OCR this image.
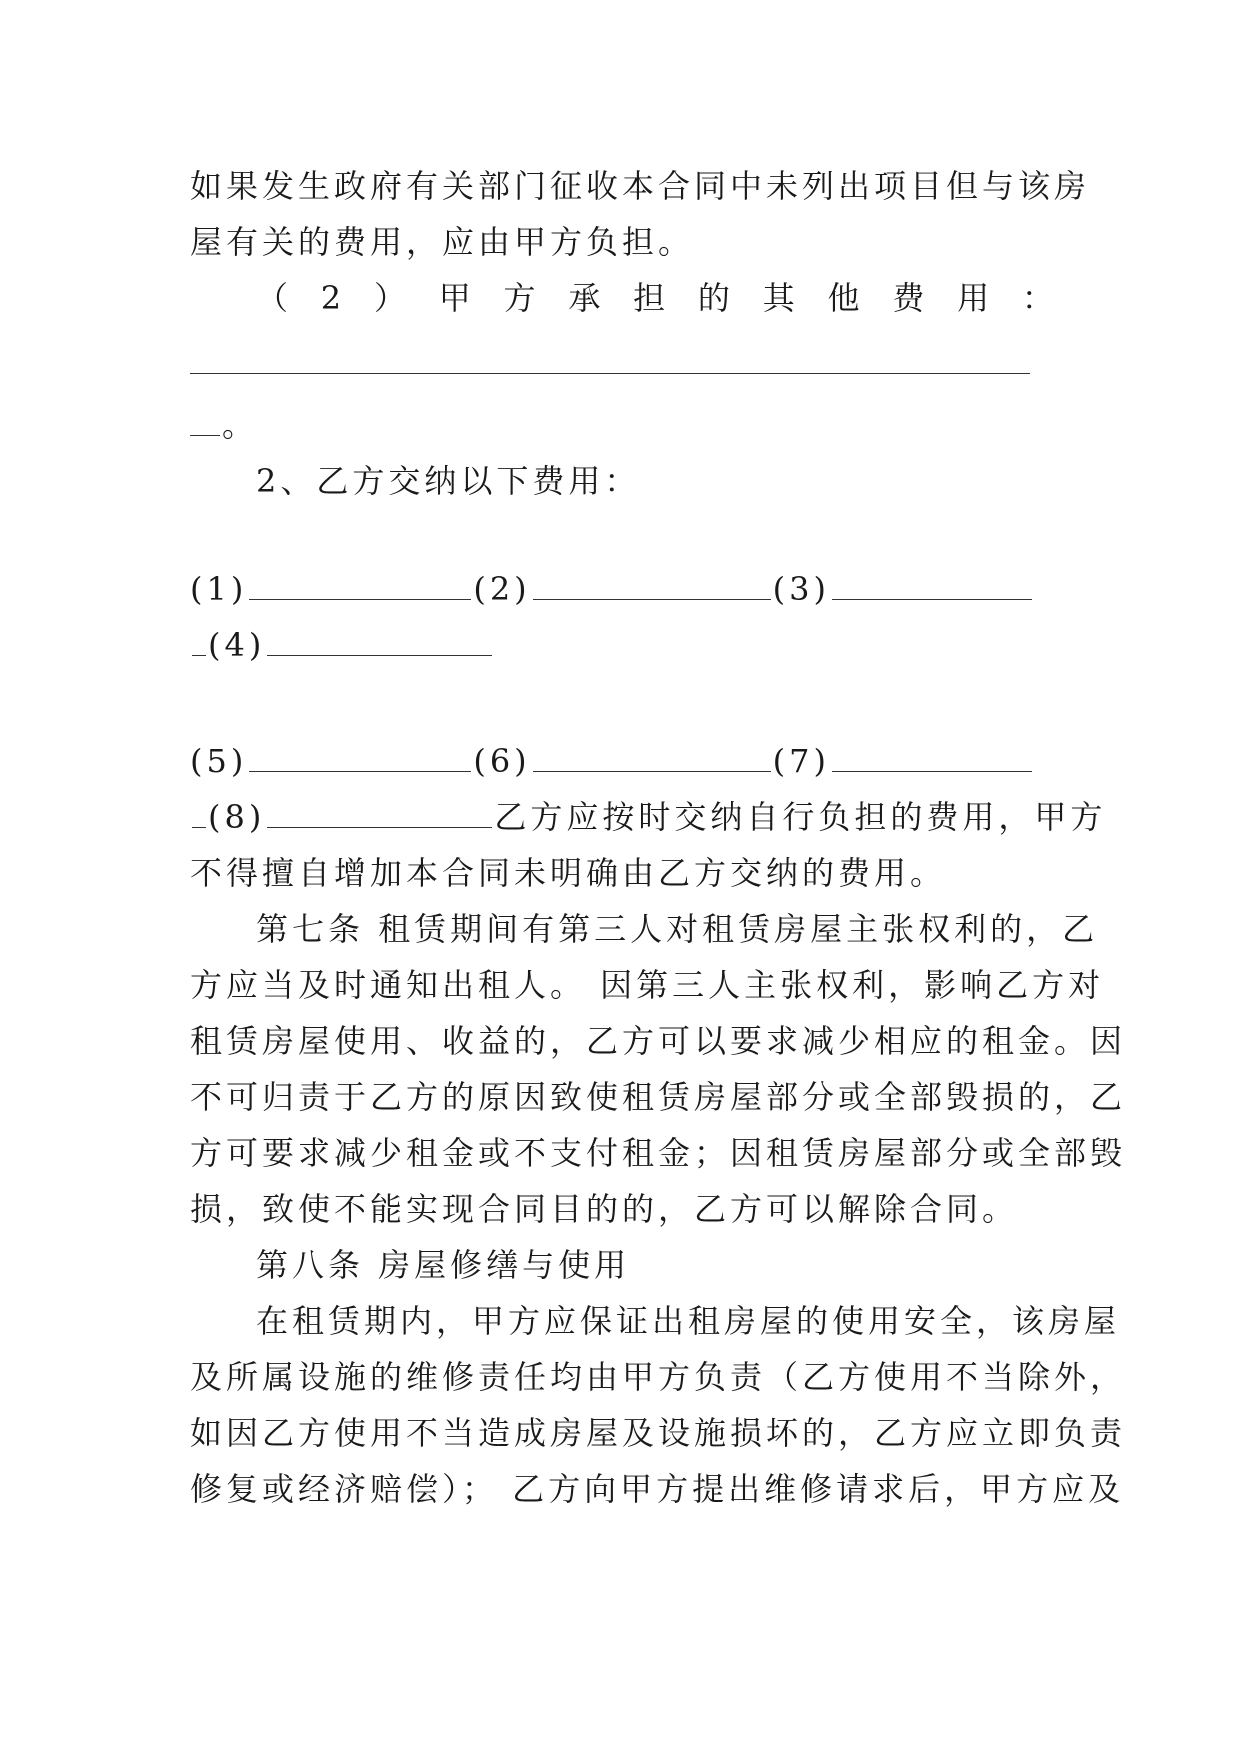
如果发生政府有关部门征收本合同中未列出项目但与该房

屋有关的费用，应由甲方负担。

（ 2 ） 甲 方 承 担 的 其 他 费 用 ：

。

2、乙方交纳以下费用：

(1)	(2)	(3)

(4)

(5)	(6)	(7)

(8)	乙方应按时交纳自行负担的费用，甲方

不得擅自增加本合同未明确由乙方交纳的费用。

第七条 租赁期间有第三人对租赁房屋主张权利的，乙

方应当及时通知出租人。 因第三人主张权利，影响乙方对

租赁房屋使用、收益的，乙方可以要求减少相应的租金。因

不可归责于乙方的原因致使租赁房屋部分或全部毁损的，乙

方可要求减少租金或不支付租金；因租赁房屋部分或全部毁

损，致使不能实现合同目的的，乙方可以解除合同。

第八条 房屋修缮与使用

在租赁期内，甲方应保证出租房屋的使用安全，该房屋

及所属设施的维修责任均由甲方负责（乙方使用不当除外，

如因乙方使用不当造成房屋及设施损坏的，乙方应立即负责

修复或经济赔偿）； 乙方向甲方提出维修请求后，甲方应及
